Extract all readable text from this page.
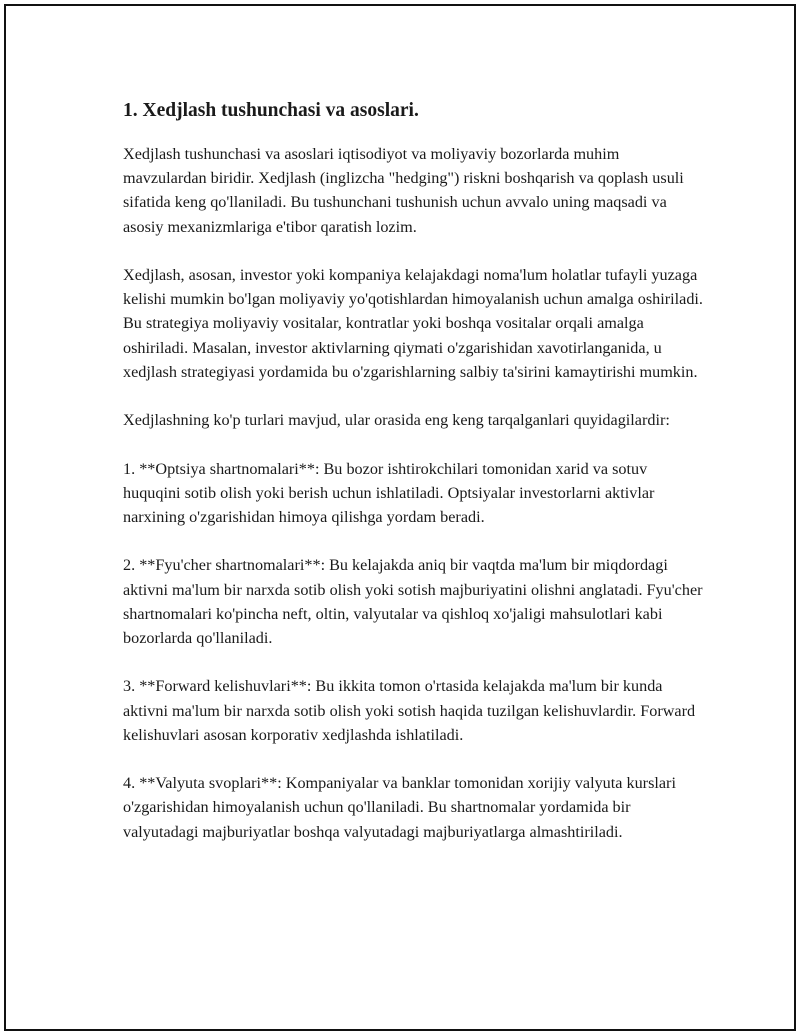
1. Xedjlash tushunchasi va asoslari.

Xedjlash tushunchasi va asoslari iqtisodiyot va moliyaviy bozorlarda muhim mavzulardan biridir. Xedjlash (inglizcha "hedging") riskni boshqarish va qoplash usuli sifatida keng qo'llaniladi. Bu tushunchani tushunish uchun avvalo uning maqsadi va asosiy mexanizmlariga e'tibor qaratish lozim.

Xedjlash, asosan, investor yoki kompaniya kelajakdagi noma'lum holatlar tufayli yuzaga kelishi mumkin bo'lgan moliyaviy yo'qotishlardan himoyalanish uchun amalga oshiriladi. Bu strategiya moliyaviy vositalar, kontratlar yoki boshqa vositalar orqali amalga oshiriladi. Masalan, investor aktivlarning qiymati o'zgarishidan xavotirlanganida, u xedjlash strategiyasi yordamida bu o'zgarishlarning salbiy ta'sirini kamaytirishi mumkin.

Xedjlashning ko'p turlari mavjud, ular orasida eng keng tarqalganlari quyidagilardir:

1. **Optsiya shartnomalari**: Bu bozor ishtirokchilari tomonidan xarid va sotuv huquqini sotib olish yoki berish uchun ishlatiladi. Optsiyalar investorlarni aktivlar narxining o'zgarishidan himoya qilishga yordam beradi.

2. **Fyu'cher shartnomalari**: Bu kelajakda aniq bir vaqtda ma'lum bir miqdordagi aktivni ma'lum bir narxda sotib olish yoki sotish majburiyatini olishni anglatadi. Fyu'cher shartnomalari ko'pincha neft, oltin, valyutalar va qishloq xo'jaligi mahsulotlari kabi bozorlarda qo'llaniladi.

3. **Forward kelishuvlari**: Bu ikkita tomon o'rtasida kelajakda ma'lum bir kunda aktivni ma'lum bir narxda sotib olish yoki sotish haqida tuzilgan kelishuvlardir. Forward kelishuvlari asosan korporativ xedjlashda ishlatiladi.

4. **Valyuta svoplari**: Kompaniyalar va banklar tomonidan xorijiy valyuta kurslari o'zgarishidan himoyalanish uchun qo'llaniladi. Bu shartnomalar yordamida bir valyutadagi majburiyatlar boshqa valyutadagi majburiyatlarga almashtiriladi.
